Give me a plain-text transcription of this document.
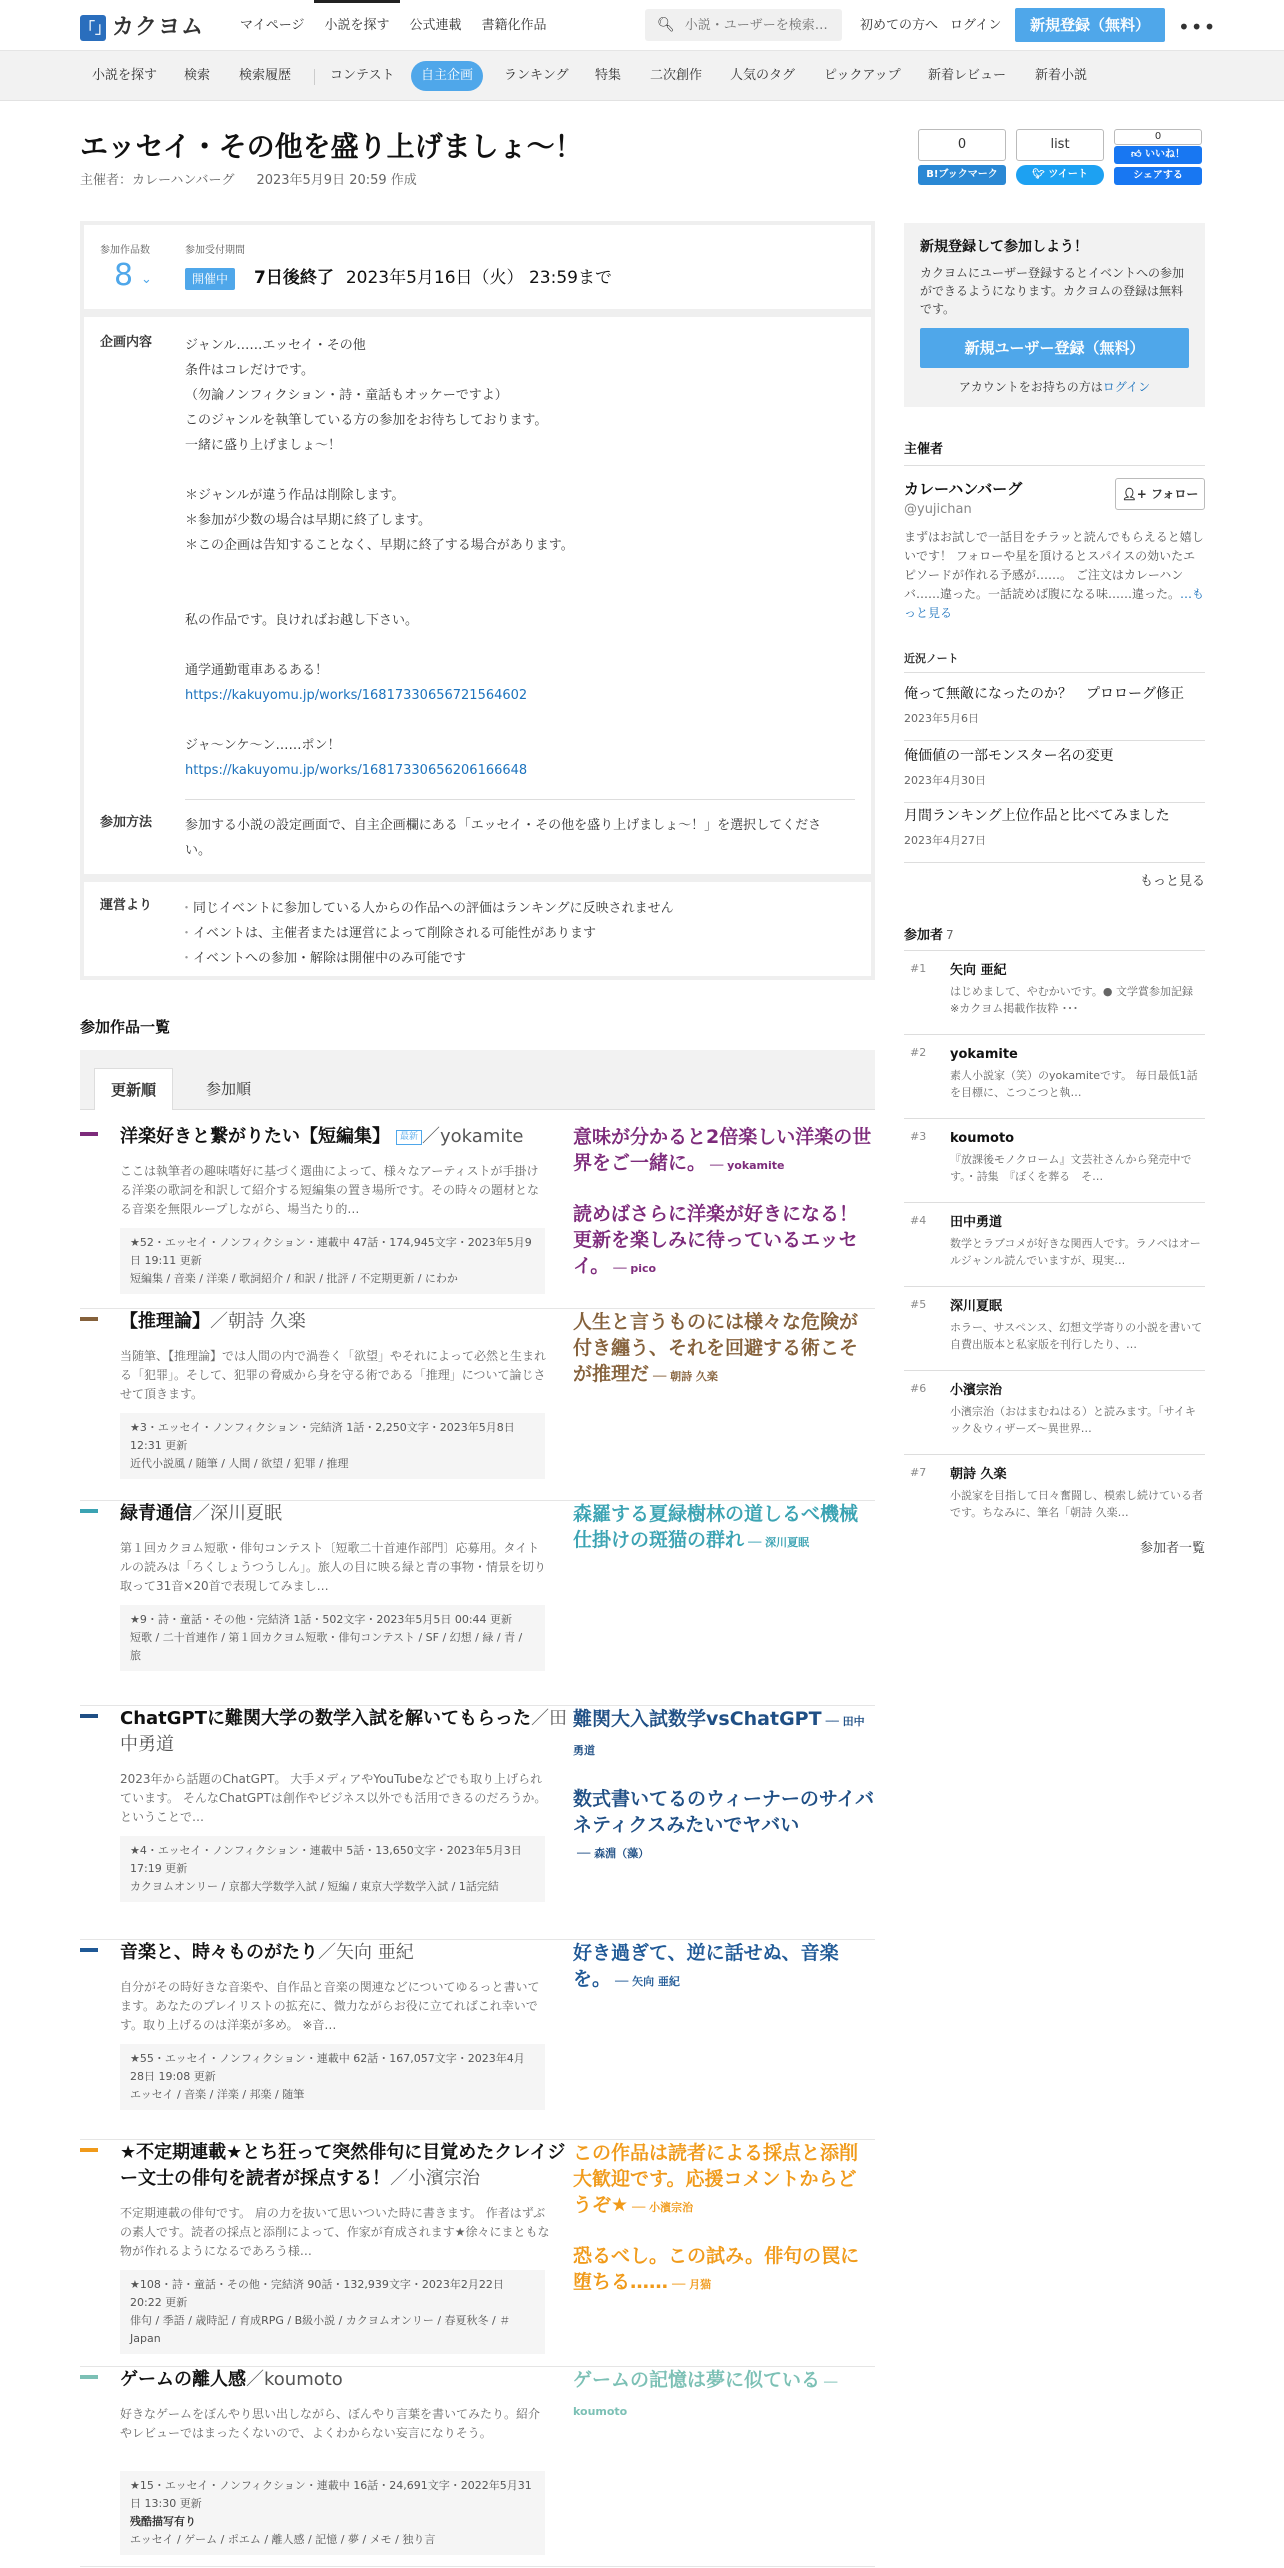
「」 カクヨム	マイページ	小説を探す	公式連載	書籍化作品	🔍︎
小説・ユーザーを検索…	初めての方へ ログイン	新規登録（無料）	•••
小説を探す	検索	検索履歴	コンテスト	自主企画	ランキング	特集	二次創作	人気のタグ	ピックアップ	新着レビュー	新着小説
エッセイ・その他を盛り上げましょ〜！
主催者：カレーハンバーグ 2023年5月9日 20:59 作成
参加作品数
8 ⌄
参加受付期間
開催中	7日後終了 2023年5月16日（火） 23:59まで
企画内容	ジャンル……エッセイ・その他
条件はコレだけです。
（勿論ノンフィクション・詩・童話もオッケーですよ）
このジャンルを執筆している方の参加をお待ちしております。
一緒に盛り上げましょ〜！
＊ジャンルが違う作品は削除します。
＊参加が少数の場合は早期に終了します。
＊この企画は告知することなく、早期に終了する場合があります。
私の作品です。良ければお越し下さい。
通学通勤電車あるある！
https://kakuyomu.jp/works/16817330656721564602
ジャ〜ンケ〜ン……ポン！
https://kakuyomu.jp/works/16817330656206166648
参加方法	参加する小説の設定画面で、自主企画欄にある「エッセイ・その他を盛り上げましょ〜！」を選択してください。
運営より
・	同じイベントに参加している人からの作品への評価はランキングに反映されません
・ イベントは、主催者または運営によって削除される可能性があります
・ イベントへの参加・解除は開催中のみ可能です
参加作品一覧
更新順	参加順
洋楽好きと繋がりたい【短編集】 最新 ／yokamite
ここは執筆者の趣味嗜好に基づく選曲によって、様々なアーティストが手掛ける洋楽の歌詞を和訳して紹介する短編集の置き場所です。その時々の題材となる音楽を無限ループしながら、場当たり的…
★52・エッセイ・ノンフィクション・連載中 47話・174,945文字・2023年5月9日 19:11 更新
短編集 / 音楽 / 洋楽 / 歌詞紹介 / 和訳 / 批評 / 不定期更新 / にわか
意味が分かると2倍楽しい洋楽の世界をご一緒に。 ── yokamite
読めばさらに洋楽が好きになる！更新を楽しみに待っているエッセイ。 ── pico
【推理論】／朝詩 久楽
当随筆、【推理論】では人間の内で渦巻く「欲望」やそれによって必然と生まれる「犯罪」。そして、犯罪の脅威から身を守る術である「推理」について論じさせて頂きます。
★3・エッセイ・ノンフィクション・完結済 1話・2,250文字・2023年5月8日 12:31 更新
近代小説風 / 随筆 / 人間 / 欲望 / 犯罪 / 推理
人生と言うものには様々な危険が付き纏う、それを回避する術こそが推理だ ── 朝詩 久楽
緑青通信／深川夏眠
第１回カクヨム短歌・俳句コンテスト〔短歌二十首連作部門〕応募用。タイトルの読みは「ろくしょうつうしん」。旅人の目に映る緑と青の事物・情景を切り取って31音×20首で表現してみまし…
★9・詩・童話・その他・完結済 1話・502文字・2023年5月5日 00:44 更新
短歌 / 二十首連作 / 第１回カクヨム短歌・俳句コンテスト / SF / 幻想 / 緑 / 青 / 旅
森羅する夏緑樹林の道しるべ機械仕掛けの斑猫の群れ ── 深川夏眠
ChatGPTに難関大学の数学入試を解いてもらった／田中勇道
2023年から話題のChatGPT。 大手メディアやYouTubeなどでも取り上げられています。 そんなChatGPTは創作やビジネス以外でも活用できるのだろうか。 ということで…
★4・エッセイ・ノンフィクション・連載中 5話・13,650文字・2023年5月3日 17:19 更新
カクヨムオンリー / 京都大学数学入試 / 短編 / 東京大学数学入試 / 1話完結
難関大入試数学vsChatGPT ── 田中勇道
数式書いてるのウィーナーのサイバネティクスみたいでヤバい── 森淵（藻）
音楽と、時々ものがたり／矢向 亜紀
自分がその時好きな音楽や、自作品と音楽の関連などについてゆるっと書いてます。あなたのプレイリストの拡充に、微力ながらお役に立てればこれ幸いです。取り上げるのは洋楽が多め。 ※音…
★55・エッセイ・ノンフィクション・連載中 62話・167,057文字・2023年4月28日 19:08 更新
エッセイ / 音楽 / 洋楽 / 邦楽 / 随筆
好き過ぎて、逆に話せぬ、音楽を。 ── 矢向 亜紀
★不定期連載★とち狂って突然俳句に目覚めたクレイジー文士の俳句を読者が採点する！／小濱宗治
不定期連載の俳句です。 肩の力を抜いて思いついた時に書きます。 作者はずぶの素人です。読者の採点と添削によって、作家が育成されます★徐々にまともな物が作れるようになるであろう様…
★108・詩・童話・その他・完結済 90話・132,939文字・2023年2月22日 20:22 更新
俳句 / 季語 / 歳時記 / 育成RPG / B級小説 / カクヨムオンリー / 春夏秋冬 / ＃Japan
この作品は読者による採点と添削大歓迎です。応援コメントからどうぞ★ ── 小濱宗治
恐るべし。この試み。俳句の罠に堕ちる…… ── 月猫
ゲームの離人感／koumoto
好きなゲームをぼんやり思い出しながら、ぼんやり言葉を書いてみたり。紹介やレビューではまったくないので、よくわからない妄言になりそう。
★15・エッセイ・ノンフィクション・連載中 16話・24,691文字・2022年5月31日 13:30 更新
残酷描写有り
エッセイ / ゲーム / ポエム / 離人感 / 記憶 / 夢 / メモ / 独り言
ゲームの記憶は夢に似ている ── koumoto
0
B!ブックマーク
list
🐦︎ ツイート
0
👍︎ いいね！
シェアする
新規登録して参加しよう！
カクヨムにユーザー登録するとイベントへの参加ができるようになります。カクヨムの登録は無料です。
新規ユーザー登録（無料）
アカウントをお持ちの方はログイン
主催者
カレーハンバーグ
@yujichan
👤︎+ フォロー
まずはお試しで一話目をチラッと読んでもらえると嬉しいです！ フォローや星を頂けるとスパイスの効いたエピソードが作れる予感が……。 ご注文はカレーハンバ……違った。一話読めば腹になる味……違った。…もっと見る
近況ノート
俺って無敵になったのか？　プロローグ修正
2023年5月6日
俺価値の一部モンスター名の変更
2023年4月30日
月間ランキング上位作品と比べてみました
2023年4月27日
もっと見る
参加者 7
#1 矢向 亜紀
はじめまして、やむかいです。● 文学賞参加記録　※カクヨム掲載作抜粋 ･･･
#2 yokamite
素人小説家（笑）のyokamiteです。 毎日最低1話を目標に、こつこつと執…
#3 koumoto
『放課後モノクローム』文芸社さんから発売中です。・詩集　『ぼくを葬る　そ…
#4 田中勇道
数学とラブコメが好きな関西人です。ラノベはオールジャンル読んでいますが、現実…
#5 深川夏眠
ホラー、サスペンス、幻想文学寄りの小説を書いて自費出版本と私家版を刊行したり、…
#6 小濱宗治
小濱宗治（おはまむねはる）と読みます。「サイキック＆ウィザーズ～異世界…
#7 朝詩 久楽
小説家を目指して日々奮闘し、模索し続けている者です。ちなみに、筆名「朝詩 久楽…
参加者一覧
